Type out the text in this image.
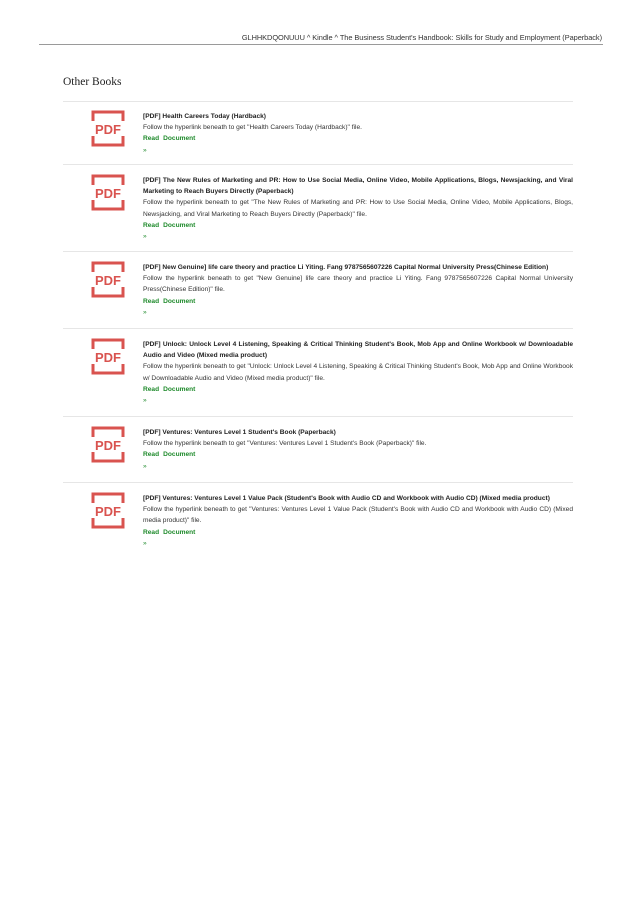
GLHHKDQONUUU ^ Kindle ^ The Business Student's Handbook: Skills for Study and Employment (Paperback)
Other Books
PDF
[PDF] Health Careers Today (Hardback)
Follow the hyperlink beneath to get "Health Careers Today (Hardback)" file.
Read Document
»
PDF
[PDF] The New Rules of Marketing and PR: How to Use Social Media, Online Video, Mobile Applications, Blogs, Newsjacking, and Viral Marketing to Reach Buyers Directly (Paperback)
Follow the hyperlink beneath to get "The New Rules of Marketing and PR: How to Use Social Media, Online Video, Mobile Applications, Blogs, Newsjacking, and Viral Marketing to Reach Buyers Directly (Paperback)" file.
Read Document
»
PDF
[PDF] New Genuine] life care theory and practice Li Yiting. Fang 9787565607226 Capital Normal University Press(Chinese Edition)
Follow the hyperlink beneath to get "New Genuine] life care theory and practice Li Yiting. Fang 9787565607226 Capital Normal University Press(Chinese Edition)" file.
Read Document
»
PDF
[PDF] Unlock: Unlock Level 4 Listening, Speaking & Critical Thinking Student's Book, Mob App and Online Workbook w/ Downloadable Audio and Video (Mixed media product)
Follow the hyperlink beneath to get "Unlock: Unlock Level 4 Listening, Speaking & Critical Thinking Student's Book, Mob App and Online Workbook w/ Downloadable Audio and Video (Mixed media product)" file.
Read Document
»
PDF
[PDF] Ventures: Ventures Level 1 Student's Book (Paperback)
Follow the hyperlink beneath to get "Ventures: Ventures Level 1 Student's Book (Paperback)" file.
Read Document
»
PDF
[PDF] Ventures: Ventures Level 1 Value Pack (Student's Book with Audio CD and Workbook with Audio CD) (Mixed media product)
Follow the hyperlink beneath to get "Ventures: Ventures Level 1 Value Pack (Student's Book with Audio CD and Workbook with Audio CD) (Mixed media product)" file.
Read Document
»
